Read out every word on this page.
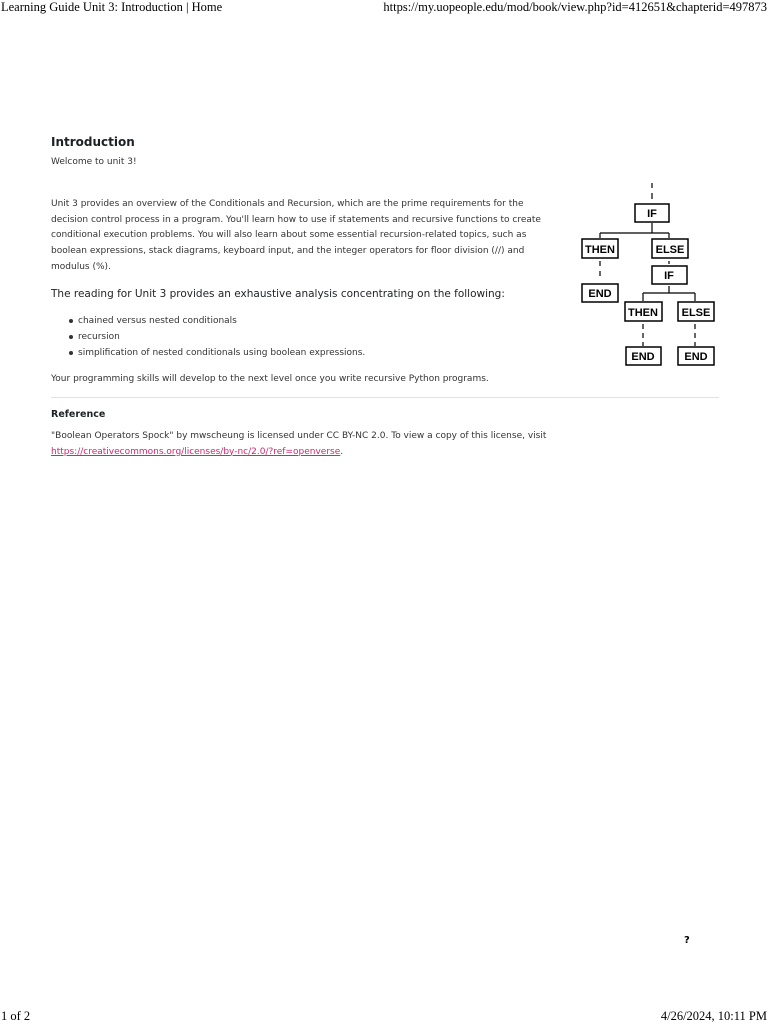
Learning Guide Unit 3: Introduction | Home	https://my.uopeople.edu/mod/book/view.php?id=412651&chapterid=497873
Introduction
Welcome to unit 3!
Unit 3 provides an overview of the Conditionals and Recursion, which are the prime requirements for the decision control process in a program. You'll learn how to use if statements and recursive functions to create conditional execution problems. You will also learn about some essential recursion-related topics, such as boolean expressions, stack diagrams, keyboard input, and the integer operators for floor division (//) and modulus (%).
The reading for Unit 3 provides an exhaustive analysis concentrating on the following:
chained versus nested conditionals
recursion
simplification of nested conditionals using boolean expressions.
Your programming skills will develop to the next level once you write recursive Python programs.
Reference
"Boolean Operators Spock" by mwscheung is licensed under CC BY-NC 2.0. To view a copy of this license, visit https://creativecommons.org/licenses/by-nc/2.0/?ref=openverse.
IF
THEN	ELSE
END
IF
THEN ELSE
END	END
?
1 of 2	4/26/2024, 10:11 PM
